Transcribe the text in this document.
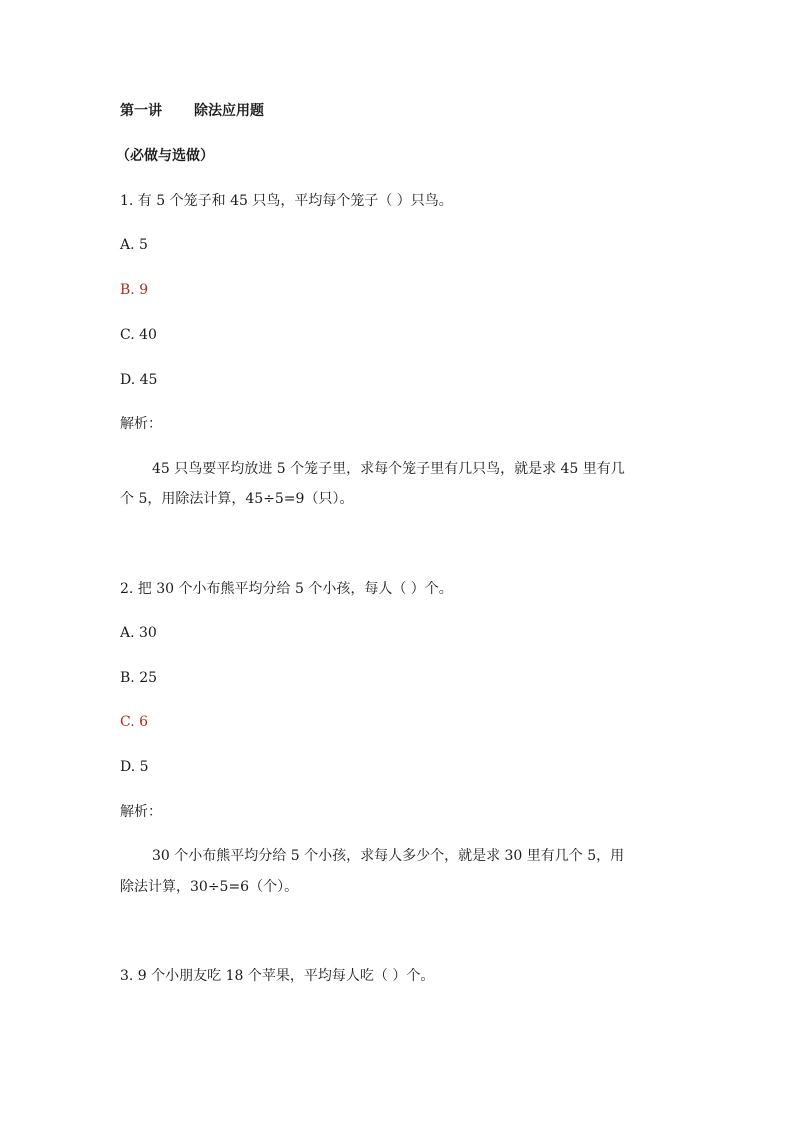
第一讲 除法应用题
（必做与选做）
1. 有 5 个笼子和 45 只鸟，平均每个笼子（ ）只鸟。
A. 5
B. 9
C. 40
D. 45
解析：
45 只鸟要平均放进 5 个笼子里，求每个笼子里有几只鸟，就是求 45 里有几
个 5，用除法计算，45÷5=9（只）。
2. 把 30 个小布熊平均分给 5 个小孩，每人（ ）个。
A. 30
B. 25
C. 6
D. 5
解析：
30 个小布熊平均分给 5 个小孩，求每人多少个，就是求 30 里有几个 5，用
除法计算，30÷5=6（个）。
3. 9 个小朋友吃 18 个苹果，平均每人吃（ ）个。
